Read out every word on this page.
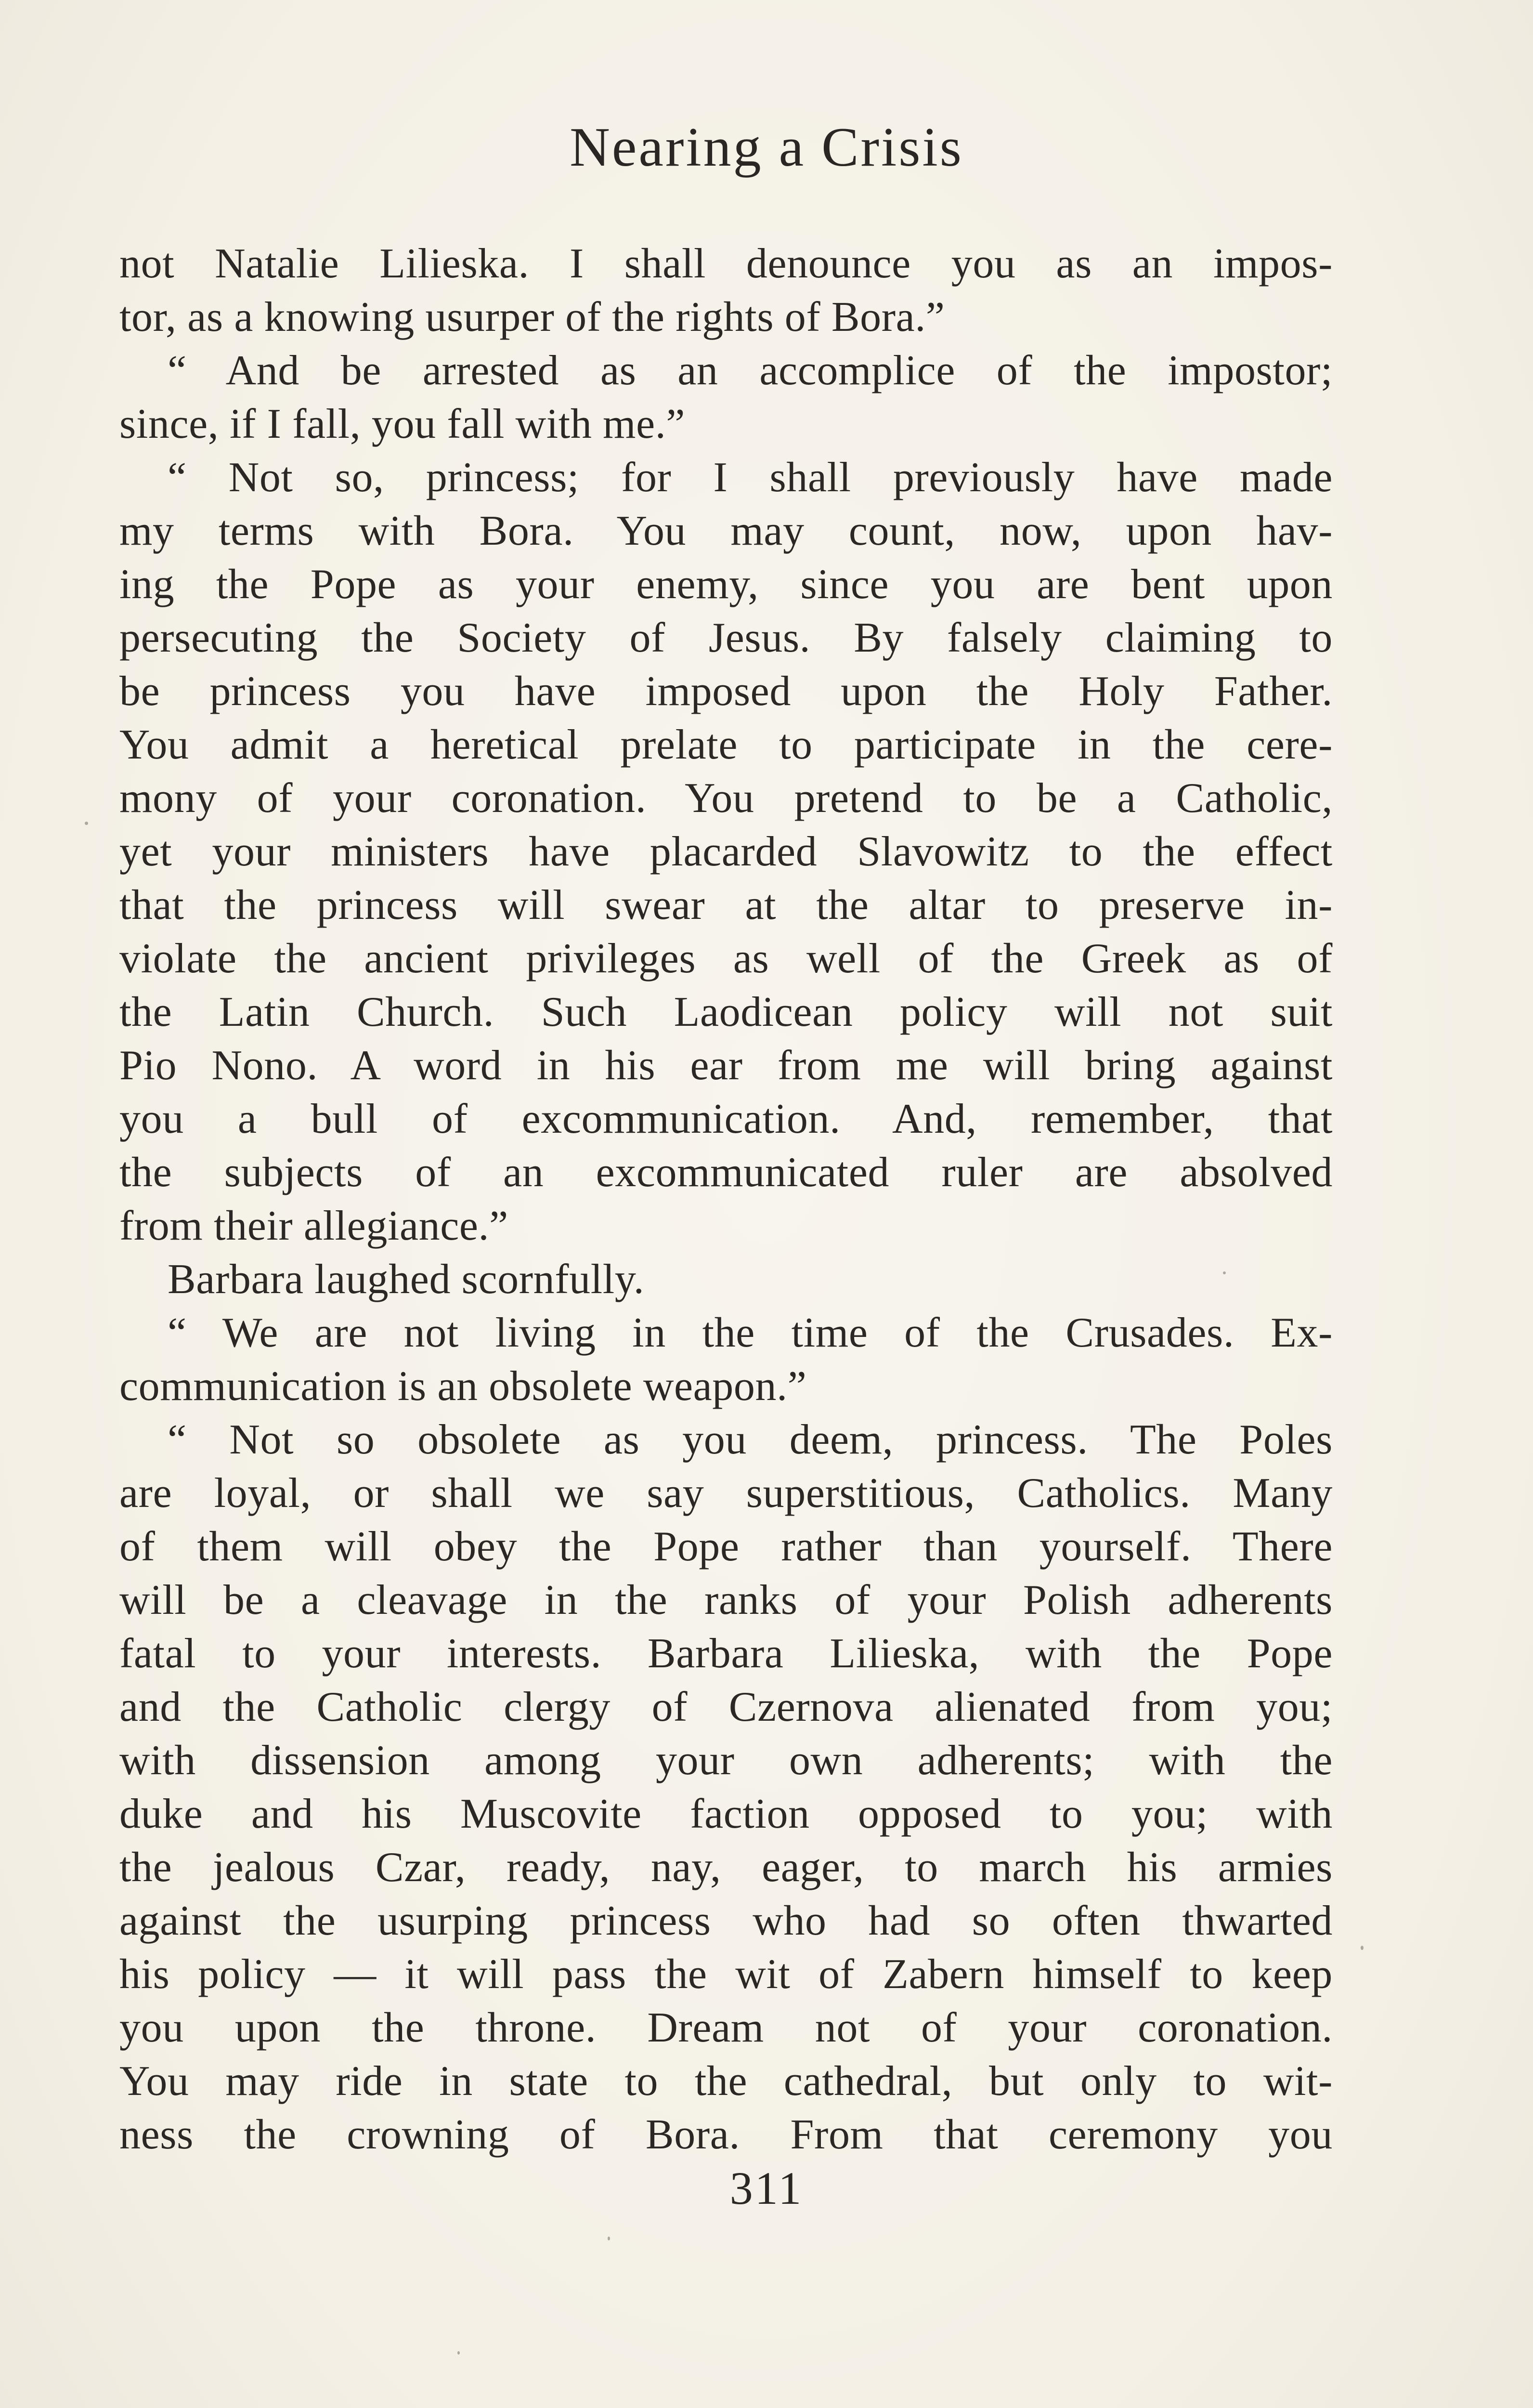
Nearing a Crisis
not Natalie Lilieska. I shall denounce you as an impos-
tor, as a knowing usurper of the rights of Bora.”
“ And be arrested as an accomplice of the impostor;
since, if I fall, you fall with me.”
“ Not so, princess; for I shall previously have made
my terms with Bora. You may count, now, upon hav-
ing the Pope as your enemy, since you are bent upon
persecuting the Society of Jesus. By falsely claiming to
be princess you have imposed upon the Holy Father.
You admit a heretical prelate to participate in the cere-
mony of your coronation. You pretend to be a Catholic,
yet your ministers have placarded Slavowitz to the effect
that the princess will swear at the altar to preserve in-
violate the ancient privileges as well of the Greek as of
the Latin Church. Such Laodicean policy will not suit
Pio Nono. A word in his ear from me will bring against
you a bull of excommunication. And, remember, that
the subjects of an excommunicated ruler are absolved
from their allegiance.”
Barbara laughed scornfully.
“ We are not living in the time of the Crusades. Ex-
communication is an obsolete weapon.”
“ Not so obsolete as you deem, princess. The Poles
are loyal, or shall we say superstitious, Catholics. Many
of them will obey the Pope rather than yourself. There
will be a cleavage in the ranks of your Polish adherents
fatal to your interests. Barbara Lilieska, with the Pope
and the Catholic clergy of Czernova alienated from you;
with dissension among your own adherents; with the
duke and his Muscovite faction opposed to you; with
the jealous Czar, ready, nay, eager, to march his armies
against the usurping princess who had so often thwarted
his policy — it will pass the wit of Zabern himself to keep
you upon the throne. Dream not of your coronation.
You may ride in state to the cathedral, but only to wit-
ness the crowning of Bora. From that ceremony you
311
